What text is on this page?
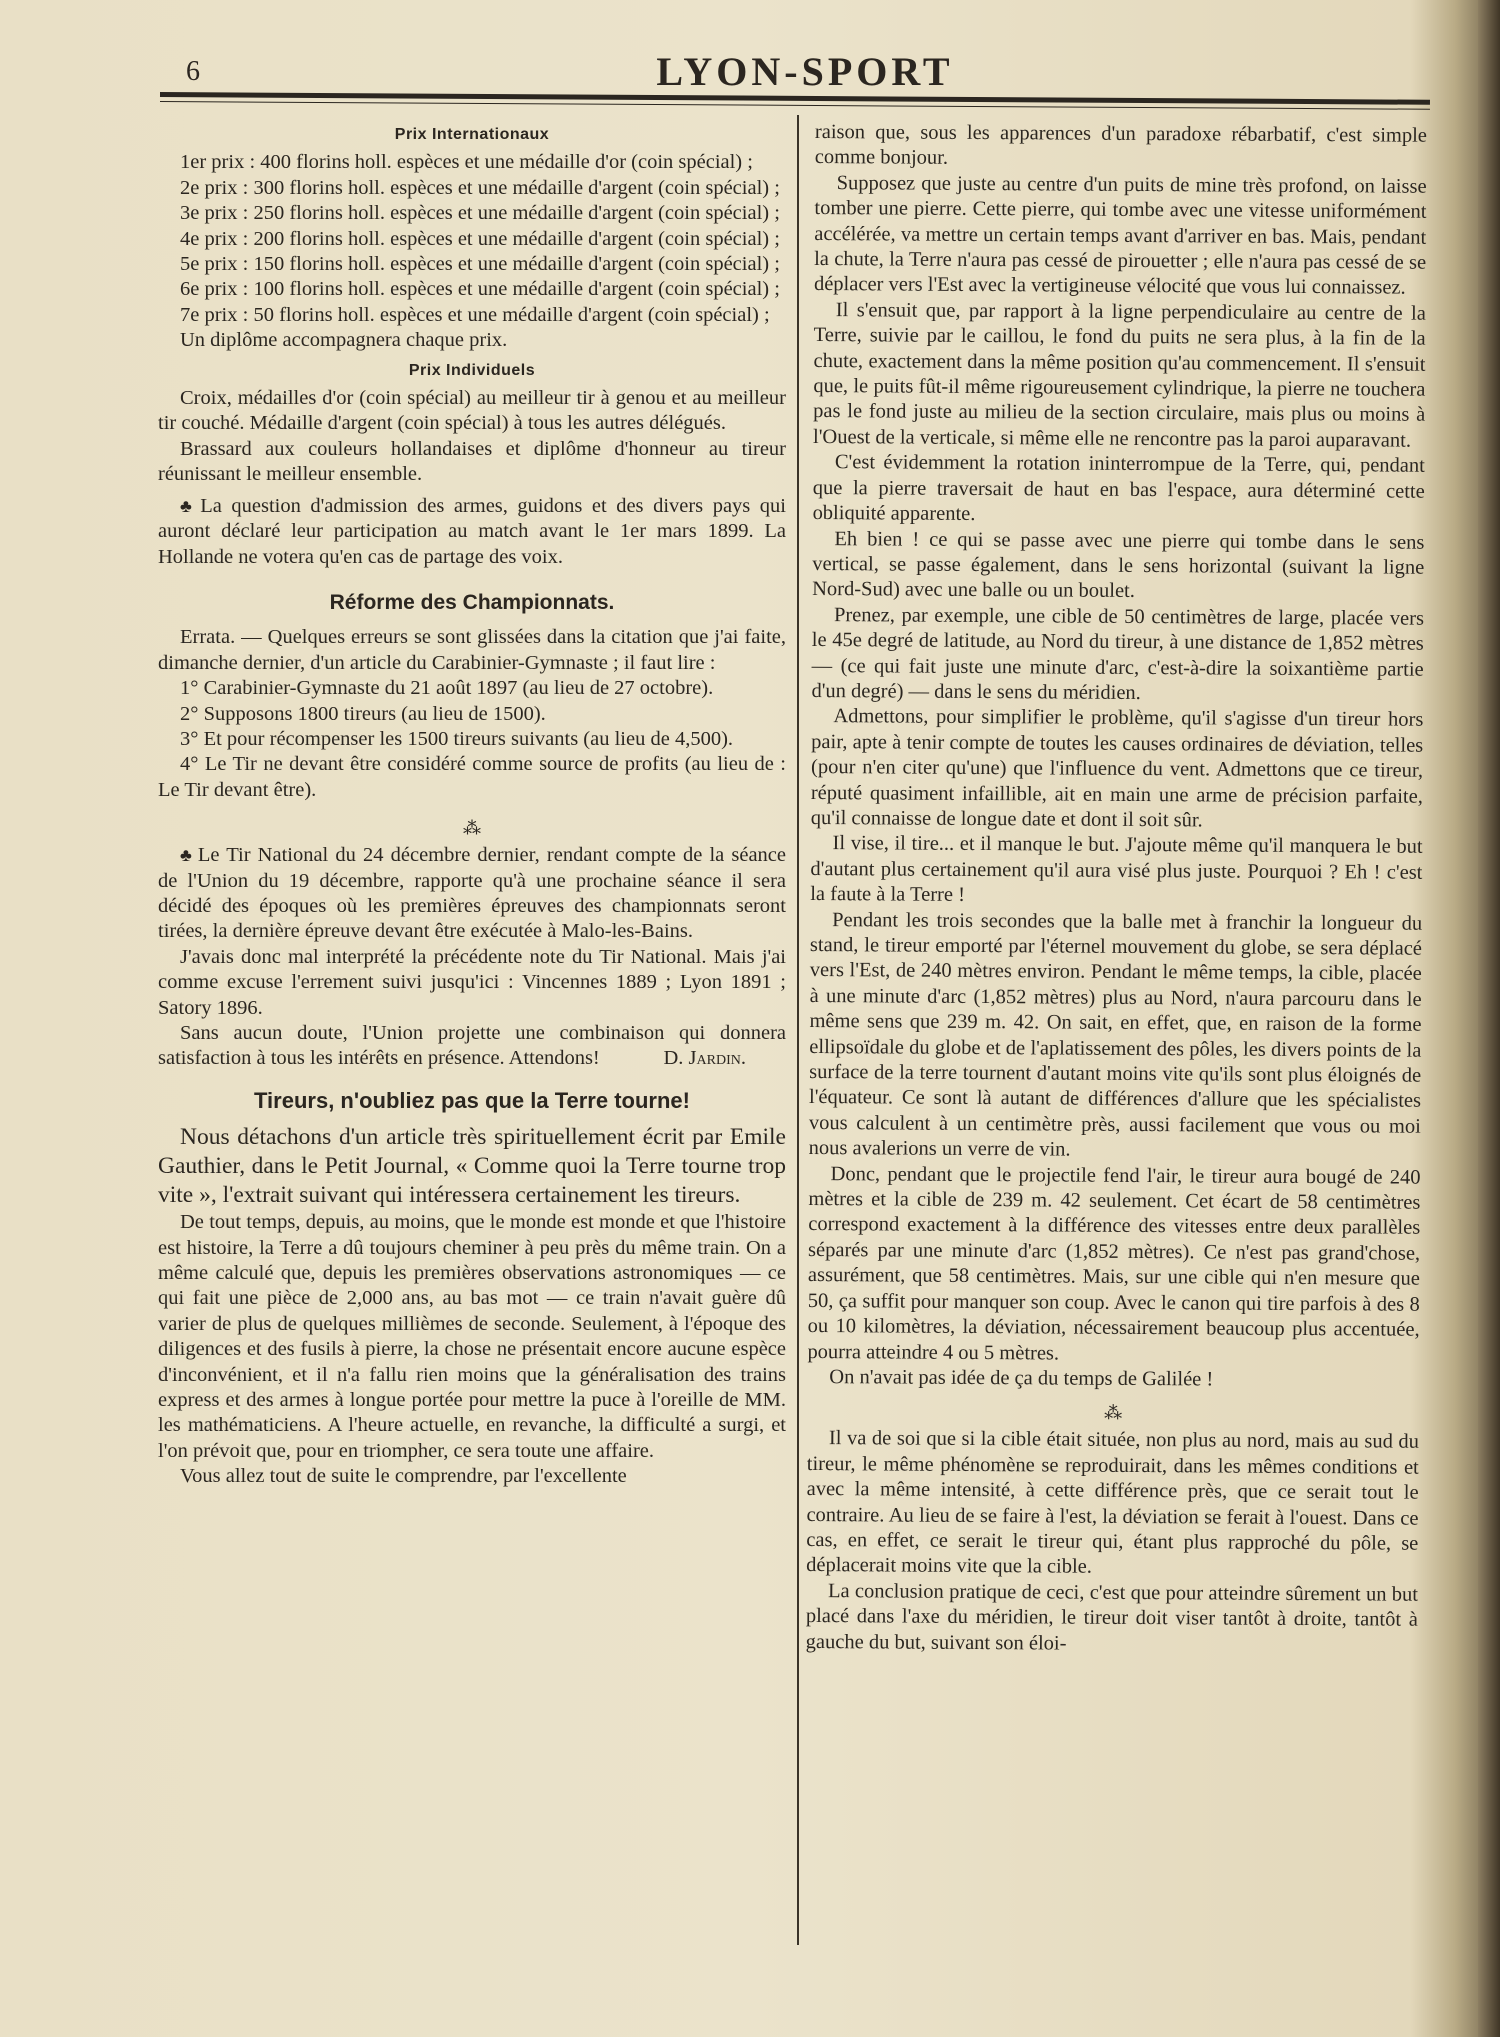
6	LYON-SPORT
Prix Internationaux

1er prix : 400 florins holl. espèces et une médaille d'or (coin spécial) ;

2e prix : 300 florins holl. espèces et une médaille d'argent (coin spécial) ;

3e prix : 250 florins holl. espèces et une médaille d'argent (coin spécial) ;

4e prix : 200 florins holl. espèces et une médaille d'argent (coin spécial) ;

5e prix : 150 florins holl. espèces et une médaille d'argent (coin spécial) ;

6e prix : 100 florins holl. espèces et une médaille d'argent (coin spécial) ;

7e prix : 50 florins holl. espèces et une médaille d'argent (coin spécial) ;

Un diplôme accompagnera chaque prix.

Prix Individuels

Croix, médailles d'or (coin spécial) au meilleur tir à genou et au meilleur tir couché. Médaille d'argent (coin spécial) à tous les autres délégués.

Brassard aux couleurs hollandaises et diplôme d'honneur au tireur réunissant le meilleur ensemble.

♣ La question d'admission des armes, guidons et des divers pays qui auront déclaré leur participation au match avant le 1er mars 1899. La Hollande ne votera qu'en cas de partage des voix.

Réforme des Championnats.

Errata. — Quelques erreurs se sont glissées dans la citation que j'ai faite, dimanche dernier, d'un article du Carabinier-Gymnaste ; il faut lire :

1° Carabinier-Gymnaste du 21 août 1897 (au lieu de 27 octobre).

2° Supposons 1800 tireurs (au lieu de 1500).

3° Et pour récompenser les 1500 tireurs suivants (au lieu de 4,500).

4° Le Tir ne devant être considéré comme source de profits (au lieu de : Le Tir devant être).

⁂

♣ Le Tir National du 24 décembre dernier, rendant compte de la séance de l'Union du 19 décembre, rapporte qu'à une prochaine séance il sera décidé des époques où les premières épreuves des championnats seront tirées, la dernière épreuve devant être exécutée à Malo-les-Bains.

J'avais donc mal interprété la précédente note du Tir National. Mais j'ai comme excuse l'errement suivi jusqu'ici : Vincennes 1889 ; Lyon 1891 ; Satory 1896.

Sans aucun doute, l'Union projette une combinaison qui donnera satisfaction à tous les intérêts en présence. Attendons!	D. Jardin.

Tireurs, n'oubliez pas que la Terre tourne!

Nous détachons d'un article très spirituellement écrit par Emile Gauthier, dans le Petit Journal, « Comme quoi la Terre tourne trop vite », l'extrait suivant qui intéressera certainement les tireurs.

De tout temps, depuis, au moins, que le monde est monde et que l'histoire est histoire, la Terre a dû toujours cheminer à peu près du même train. On a même calculé que, depuis les premières observations astronomiques — ce qui fait une pièce de 2,000 ans, au bas mot — ce train n'avait guère dû varier de plus de quelques millièmes de seconde. Seulement, à l'époque des diligences et des fusils à pierre, la chose ne présentait encore aucune espèce d'inconvénient, et il n'a fallu rien moins que la généralisation des trains express et des armes à longue portée pour mettre la puce à l'oreille de MM. les mathématiciens. A l'heure actuelle, en revanche, la difficulté a surgi, et l'on prévoit que, pour en triompher, ce sera toute une affaire.

Vous allez tout de suite le comprendre, par l'excellente

raison que, sous les apparences d'un paradoxe rébarbatif, c'est simple comme bonjour.

Supposez que juste au centre d'un puits de mine très profond, on laisse tomber une pierre. Cette pierre, qui tombe avec une vitesse uniformément accélérée, va mettre un certain temps avant d'arriver en bas. Mais, pendant la chute, la Terre n'aura pas cessé de pirouetter ; elle n'aura pas cessé de se déplacer vers l'Est avec la vertigineuse vélocité que vous lui connaissez.

Il s'ensuit que, par rapport à la ligne perpendiculaire au centre de la Terre, suivie par le caillou, le fond du puits ne sera plus, à la fin de la chute, exactement dans la même position qu'au commencement. Il s'ensuit que, le puits fût-il même rigoureusement cylindrique, la pierre ne touchera pas le fond juste au milieu de la section circulaire, mais plus ou moins à l'Ouest de la verticale, si même elle ne rencontre pas la paroi auparavant.

C'est évidemment la rotation ininterrompue de la Terre, qui, pendant que la pierre traversait de haut en bas l'espace, aura déterminé cette obliquité apparente.

Eh bien ! ce qui se passe avec une pierre qui tombe dans le sens vertical, se passe également, dans le sens horizontal (suivant la ligne Nord-Sud) avec une balle ou un boulet.

Prenez, par exemple, une cible de 50 centimètres de large, placée vers le 45e degré de latitude, au Nord du tireur, à une distance de 1,852 mètres — (ce qui fait juste une minute d'arc, c'est-à-dire la soixantième partie d'un degré) — dans le sens du méridien.

Admettons, pour simplifier le problème, qu'il s'agisse d'un tireur hors pair, apte à tenir compte de toutes les causes ordinaires de déviation, telles (pour n'en citer qu'une) que l'influence du vent. Admettons que ce tireur, réputé quasiment infaillible, ait en main une arme de précision parfaite, qu'il connaisse de longue date et dont il soit sûr.

Il vise, il tire... et il manque le but. J'ajoute même qu'il manquera le but d'autant plus certainement qu'il aura visé plus juste. Pourquoi ? Eh ! c'est la faute à la Terre !

Pendant les trois secondes que la balle met à franchir la longueur du stand, le tireur emporté par l'éternel mouvement du globe, se sera déplacé vers l'Est, de 240 mètres environ. Pendant le même temps, la cible, placée à une minute d'arc (1,852 mètres) plus au Nord, n'aura parcouru dans le même sens que 239 m. 42. On sait, en effet, que, en raison de la forme ellipsoïdale du globe et de l'aplatissement des pôles, les divers points de la surface de la terre tournent d'autant moins vite qu'ils sont plus éloignés de l'équateur. Ce sont là autant de différences d'allure que les spécialistes vous calculent à un centimètre près, aussi facilement que vous ou moi nous avalerions un verre de vin.

Donc, pendant que le projectile fend l'air, le tireur aura bougé de 240 mètres et la cible de 239 m. 42 seulement. Cet écart de 58 centimètres correspond exactement à la différence des vitesses entre deux parallèles séparés par une minute d'arc (1,852 mètres). Ce n'est pas grand'chose, assurément, que 58 centimètres. Mais, sur une cible qui n'en mesure que 50, ça suffit pour manquer son coup. Avec le canon qui tire parfois à des 8 ou 10 kilomètres, la déviation, nécessairement beaucoup plus accentuée, pourra atteindre 4 ou 5 mètres.

On n'avait pas idée de ça du temps de Galilée !

⁂

Il va de soi que si la cible était située, non plus au nord, mais au sud du tireur, le même phénomène se reproduirait, dans les mêmes conditions et avec la même intensité, à cette différence près, que ce serait tout le contraire. Au lieu de se faire à l'est, la déviation se ferait à l'ouest. Dans ce cas, en effet, ce serait le tireur qui, étant plus rapproché du pôle, se déplacerait moins vite que la cible.

La conclusion pratique de ceci, c'est que pour atteindre sûrement un but placé dans l'axe du méridien, le tireur doit viser tantôt à droite, tantôt à gauche du but, suivant son éloi-
